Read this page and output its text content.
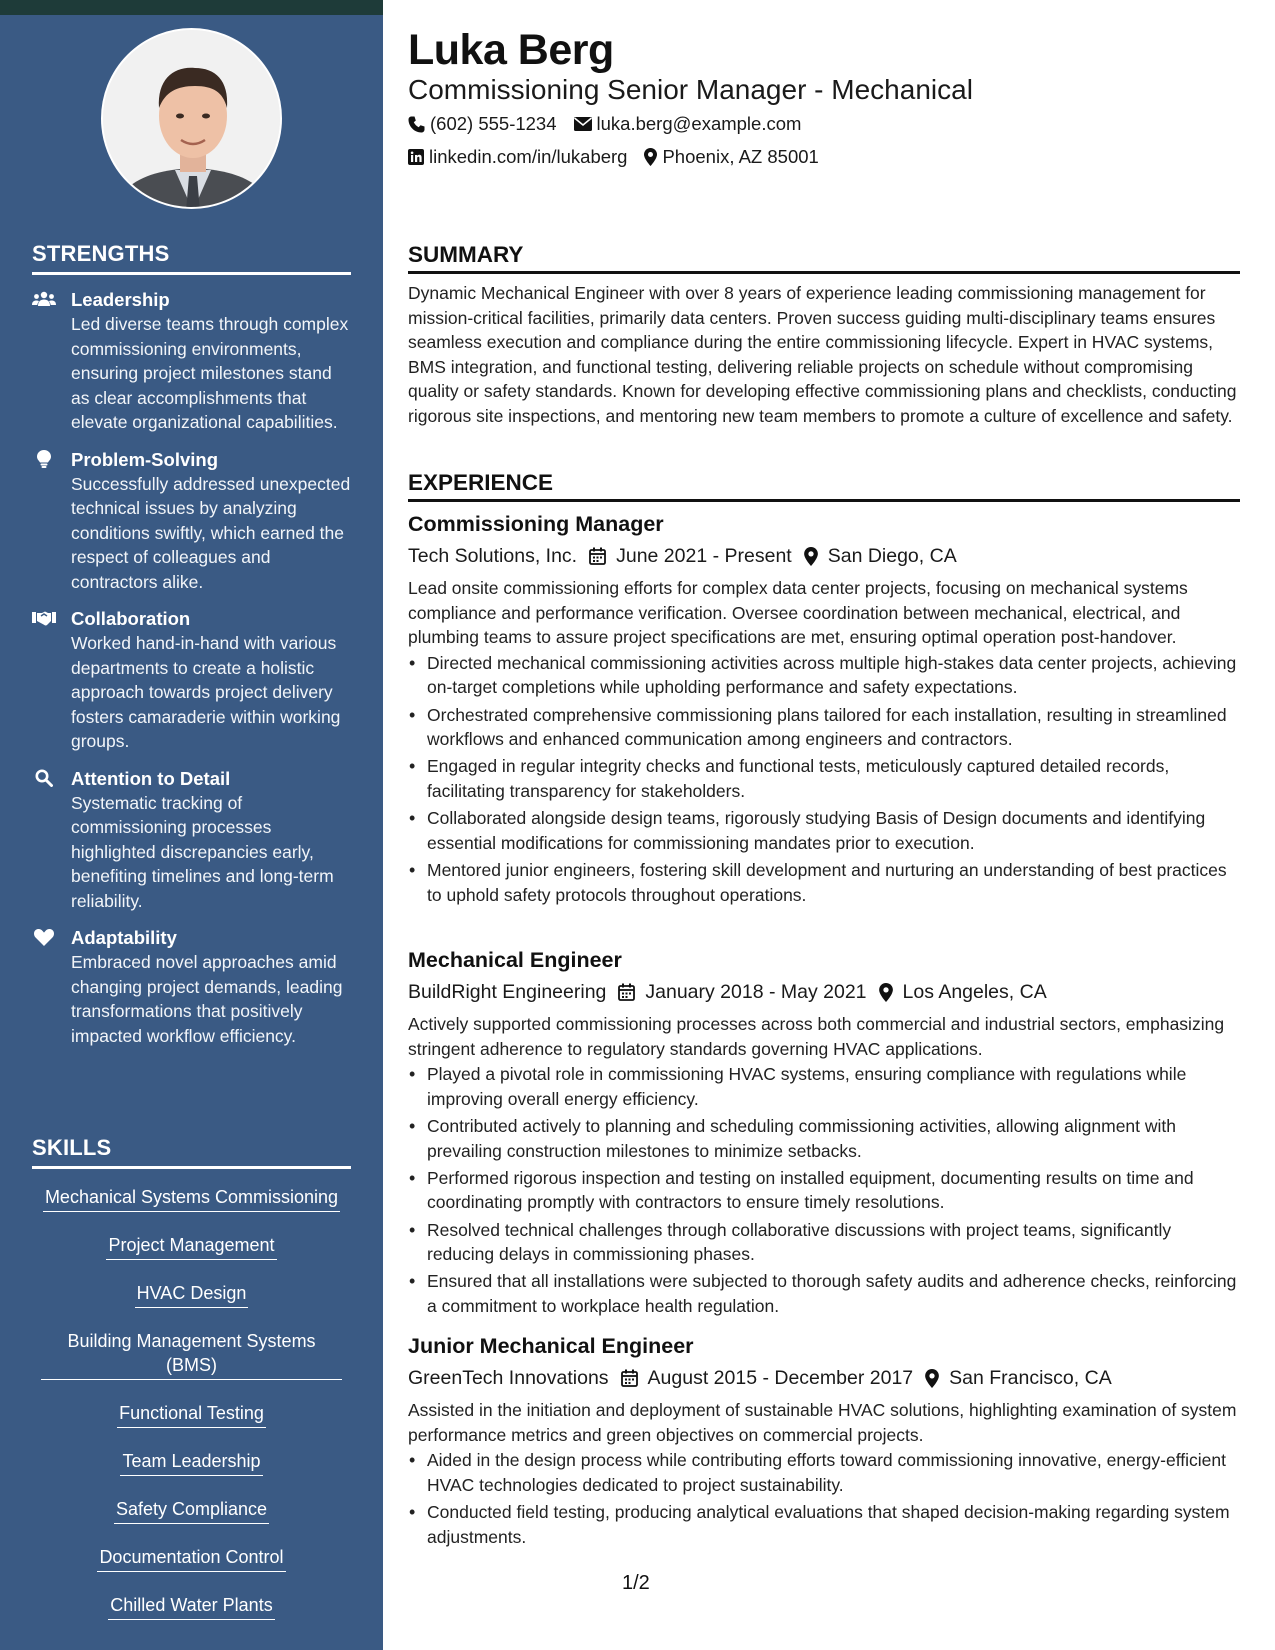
STRENGTHS
Leadership
Led diverse teams through complex commissioning environments, ensuring project milestones stand as clear accomplishments that elevate organizational capabilities.
Problem-Solving
Successfully addressed unexpected technical issues by analyzing conditions swiftly, which earned the respect of colleagues and contractors alike.
Collaboration
Worked hand-in-hand with various departments to create a holistic approach towards project delivery fosters camaraderie within working groups.
Attention to Detail
Systematic tracking of commissioning processes highlighted discrepancies early, benefiting timelines and long-term reliability.
Adaptability
Embraced novel approaches amid changing project demands, leading transformations that positively impacted workflow efficiency.
SKILLS
Mechanical Systems Commissioning
Project Management
HVAC Design
Building Management Systems (BMS)
Functional Testing
Team Leadership
Safety Compliance
Documentation Control
Chilled Water Plants
Luka Berg
Commissioning Senior Manager - Mechanical
(602) 555-1234 luka.berg@example.com
linkedin.com/in/lukaberg Phoenix, AZ 85001
SUMMARY
Dynamic Mechanical Engineer with over 8 years of experience leading commissioning management for mission-critical facilities, primarily data centers. Proven success guiding multi-disciplinary teams ensures seamless execution and compliance during the entire commissioning lifecycle. Expert in HVAC systems, BMS integration, and functional testing, delivering reliable projects on schedule without compromising quality or safety standards. Known for developing effective commissioning plans and checklists, conducting rigorous site inspections, and mentoring new team members to promote a culture of excellence and safety.
EXPERIENCE
Commissioning Manager
Tech Solutions, Inc. June 2021 - Present San Diego, CA
Lead onsite commissioning efforts for complex data center projects, focusing on mechanical systems compliance and performance verification. Oversee coordination between mechanical, electrical, and plumbing teams to assure project specifications are met, ensuring optimal operation post-handover.
• Directed mechanical commissioning activities across multiple high-stakes data center projects, achieving on-target completions while upholding performance and safety expectations.
• Orchestrated comprehensive commissioning plans tailored for each installation, resulting in streamlined workflows and enhanced communication among engineers and contractors.
• Engaged in regular integrity checks and functional tests, meticulously captured detailed records, facilitating transparency for stakeholders.
• Collaborated alongside design teams, rigorously studying Basis of Design documents and identifying essential modifications for commissioning mandates prior to execution.
• Mentored junior engineers, fostering skill development and nurturing an understanding of best practices to uphold safety protocols throughout operations.
Mechanical Engineer
BuildRight Engineering January 2018 - May 2021 Los Angeles, CA
Actively supported commissioning processes across both commercial and industrial sectors, emphasizing stringent adherence to regulatory standards governing HVAC applications.
• Played a pivotal role in commissioning HVAC systems, ensuring compliance with regulations while improving overall energy efficiency.
• Contributed actively to planning and scheduling commissioning activities, allowing alignment with prevailing construction milestones to minimize setbacks.
• Performed rigorous inspection and testing on installed equipment, documenting results on time and coordinating promptly with contractors to ensure timely resolutions.
• Resolved technical challenges through collaborative discussions with project teams, significantly reducing delays in commissioning phases.
• Ensured that all installations were subjected to thorough safety audits and adherence checks, reinforcing a commitment to workplace health regulation.
Junior Mechanical Engineer
GreenTech Innovations August 2015 - December 2017 San Francisco, CA
Assisted in the initiation and deployment of sustainable HVAC solutions, highlighting examination of system performance metrics and green objectives on commercial projects.
• Aided in the design process while contributing efforts toward commissioning innovative, energy-efficient HVAC technologies dedicated to project sustainability.
• Conducted field testing, producing analytical evaluations that shaped decision-making regarding system adjustments.
1/2
